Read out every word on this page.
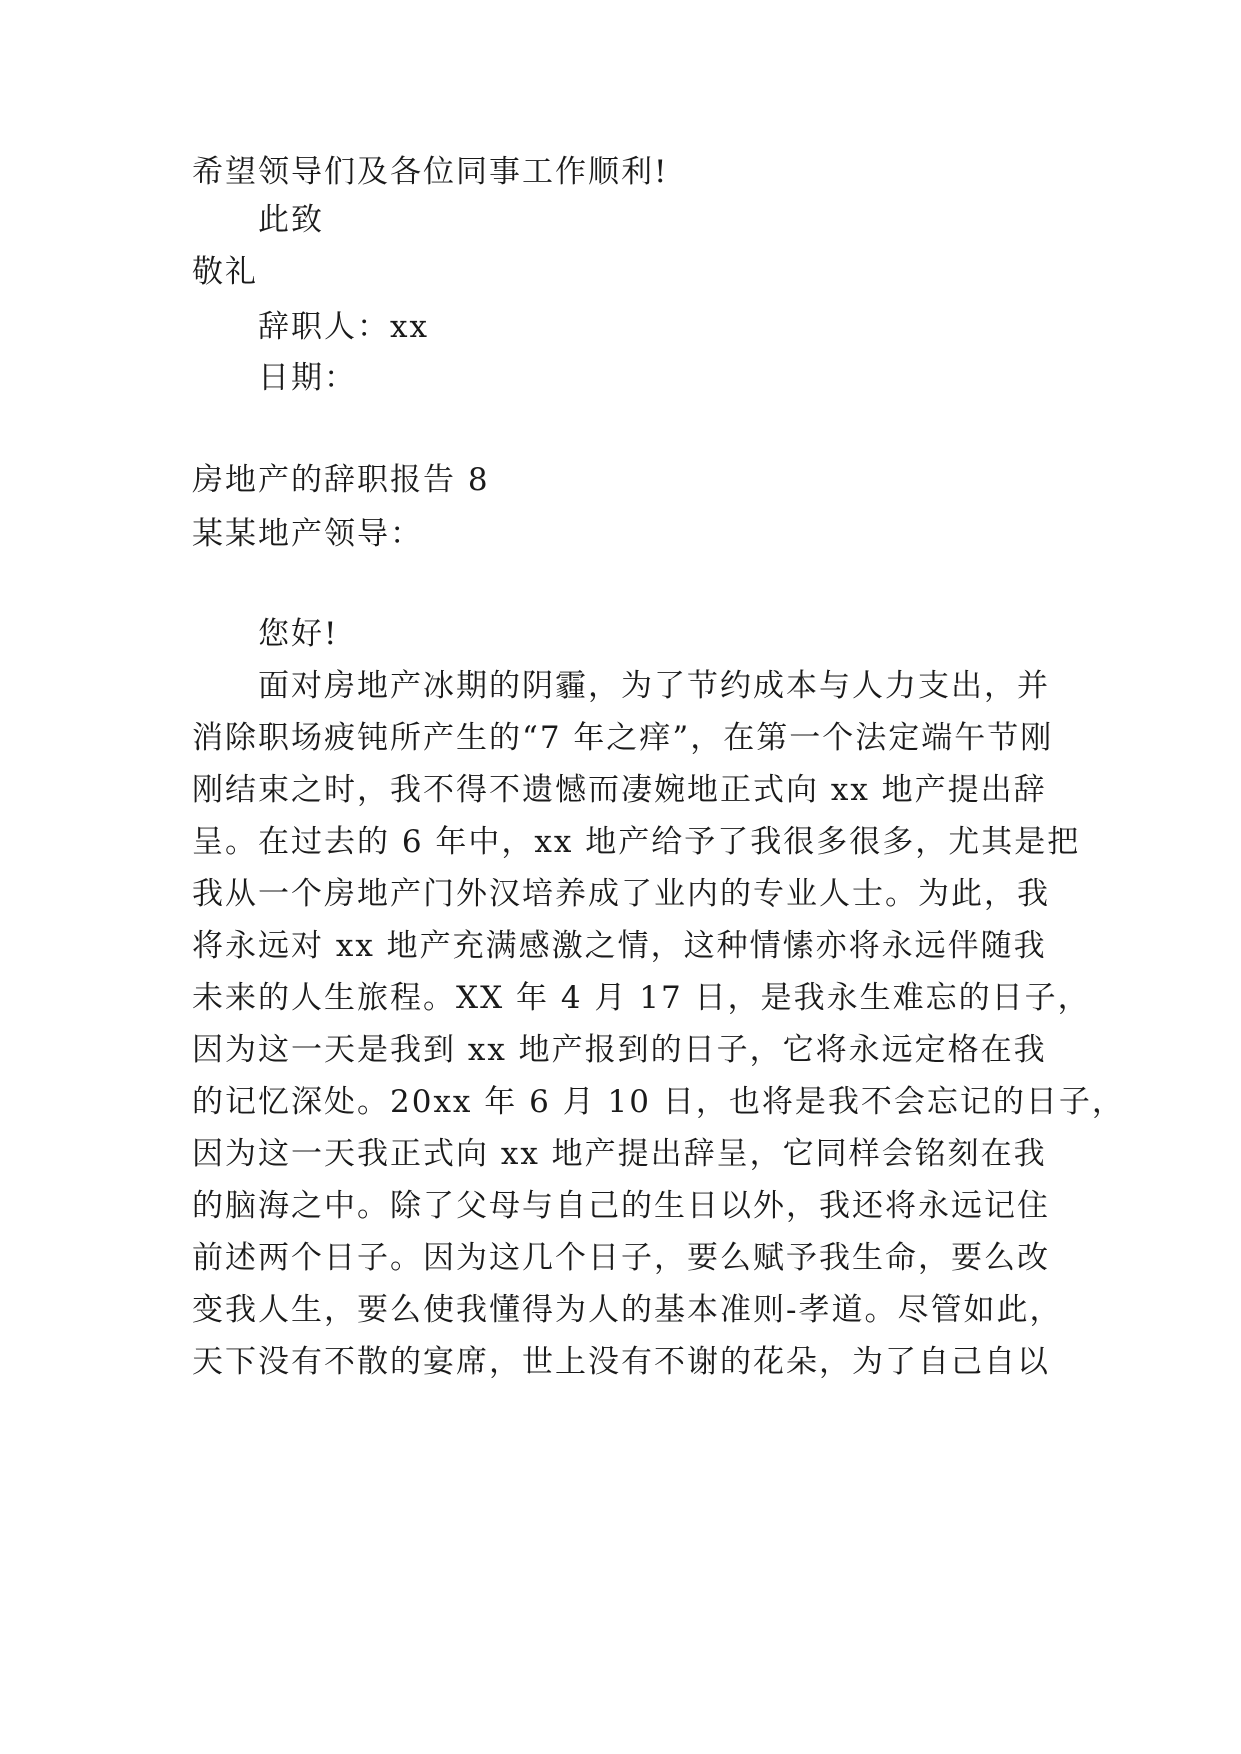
希望领导们及各位同事工作顺利!

此致

敬礼

辞职人：xx

日期：

房地产的辞职报告 8

某某地产领导：

您好!

面对房地产冰期的阴霾，为了节约成本与人力支出，并

消除职场疲钝所产生的“7 年之痒”，在第一个法定端午节刚

刚结束之时，我不得不遗憾而凄婉地正式向 xx 地产提出辞

呈。在过去的 6 年中，xx 地产给予了我很多很多，尤其是把

我从一个房地产门外汉培养成了业内的专业人士。为此，我

将永远对 xx 地产充满感激之情，这种情愫亦将永远伴随我

未来的人生旅程。XX 年 4 月 17 日，是我永生难忘的日子，

因为这一天是我到 xx 地产报到的日子，它将永远定格在我

的记忆深处。20xx 年 6 月 10 日，也将是我不会忘记的日子，

因为这一天我正式向 xx 地产提出辞呈，它同样会铭刻在我

的脑海之中。除了父母与自己的生日以外，我还将永远记住

前述两个日子。因为这几个日子，要么赋予我生命，要么改

变我人生，要么使我懂得为人的基本准则-孝道。尽管如此，

天下没有不散的宴席，世上没有不谢的花朵，为了自己自以
